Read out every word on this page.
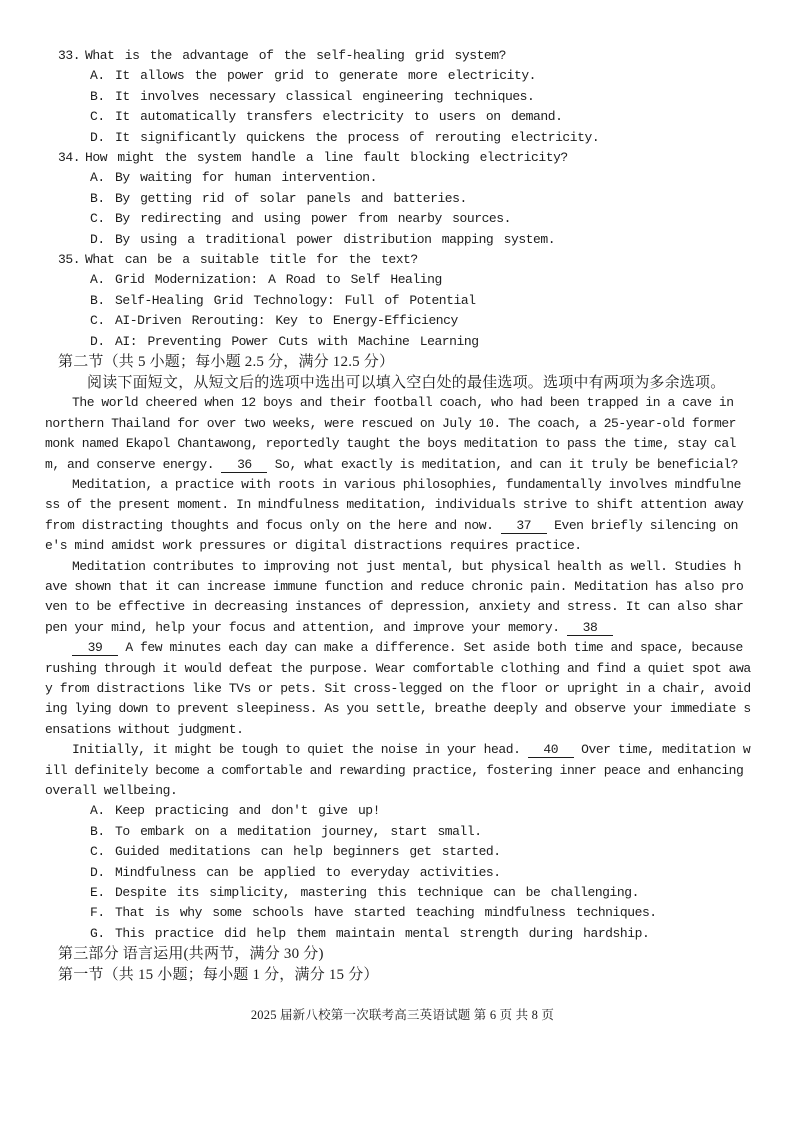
33. What is the advantage of the self-healing grid system?
A. It allows the power grid to generate more electricity.
B. It involves necessary classical engineering techniques.
C. It automatically transfers electricity to users on demand.
D. It significantly quickens the process of rerouting electricity.
34. How might the system handle a line fault blocking electricity?
A. By waiting for human intervention.
B. By getting rid of solar panels and batteries.
C. By redirecting and using power from nearby sources.
D. By using a traditional power distribution mapping system.
35. What can be a suitable title for the text?
A. Grid Modernization: A Road to Self Healing
B. Self-Healing Grid Technology: Full of Potential
C. AI-Driven Rerouting: Key to Energy-Efficiency
D. AI: Preventing Power Cuts with Machine Learning
第二节（共 5 小题；每小题 2.5 分，满分 12.5 分）
阅读下面短文，从短文后的选项中选出可以填入空白处的最佳选项。选项中有两项为多余选项。
The world cheered when 12 boys and their football coach, who had been trapped in a cave in
northern Thailand for over two weeks, were rescued on July 10. The coach, a 25-year-old former
monk named Ekapol Chantawong, reportedly taught the boys meditation to pass the time, stay cal
m, and conserve energy. 36 So, what exactly is meditation, and can it truly be beneficial?
Meditation, a practice with roots in various philosophies, fundamentally involves mindfulne
ss of the present moment. In mindfulness meditation, individuals strive to shift attention away
from distracting thoughts and focus only on the here and now. 37 Even briefly silencing on
e's mind amidst work pressures or digital distractions requires practice.
Meditation contributes to improving not just mental, but physical health as well. Studies h
ave shown that it can increase immune function and reduce chronic pain. Meditation has also pro
ven to be effective in decreasing instances of depression, anxiety and stress. It can also shar
pen your mind, help your focus and attention, and improve your memory. 38
39 A few minutes each day can make a difference. Set aside both time and space, because
rushing through it would defeat the purpose. Wear comfortable clothing and find a quiet spot awa
y from distractions like TVs or pets. Sit cross-legged on the floor or upright in a chair, avoid
ing lying down to prevent sleepiness. As you settle, breathe deeply and observe your immediate s
ensations without judgment.
Initially, it might be tough to quiet the noise in your head. 40 Over time, meditation w
ill definitely become a comfortable and rewarding practice, fostering inner peace and enhancing
overall wellbeing.
A. Keep practicing and don't give up!
B. To embark on a meditation journey, start small.
C. Guided meditations can help beginners get started.
D. Mindfulness can be applied to everyday activities.
E. Despite its simplicity, mastering this technique can be challenging.
F. That is why some schools have started teaching mindfulness techniques.
G. This practice did help them maintain mental strength during hardship.
第三部分 语言运用(共两节，满分 30 分)
第一节（共 15 小题；每小题 1 分，满分 15 分）
2025 届新八校第一次联考高三英语试题 第 6 页 共 8 页
